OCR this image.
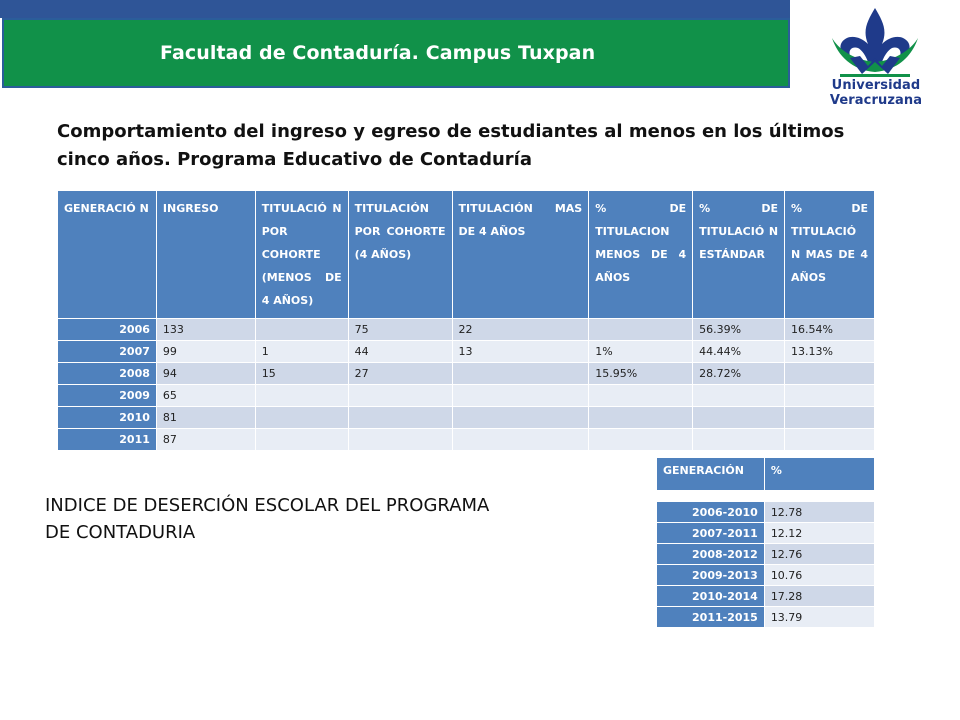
Facultad de Contaduría. Campus Tuxpan
Universidad Veracruzana
Comportamiento del ingreso y egreso de estudiantes al menos en los últimos
cinco años. Programa Educativo de Contaduría
GENERACIÓ N	INGRESO	TITULACIÓ N POR COHORTE (MENOS DE 4 AÑOS)	TITULACIÓN POR COHORTE (4 AÑOS)	TITULACIÓN MAS DE 4 AÑOS	% DE TITULACION MENOS DE 4 AÑOS	% DE TITULACIÓ N ESTÁNDAR	% DE TITULACIÓ N MAS DE 4 AÑOS
2006	133		75	22		56.39%	16.54%
2007	99	1	44	13	1%	44.44%	13.13%
2008	94	15	27		15.95%	28.72%	
2009	65						
2010	81						
2011	87						
INDICE DE DESERCIÓN ESCOLAR DEL PROGRAMA
DE CONTADURIA
GENERACIÓN	%

2006-2010	12.78
2007-2011	12.12
2008-2012	12.76
2009-2013	10.76
2010-2014	17.28
2011-2015	13.79
